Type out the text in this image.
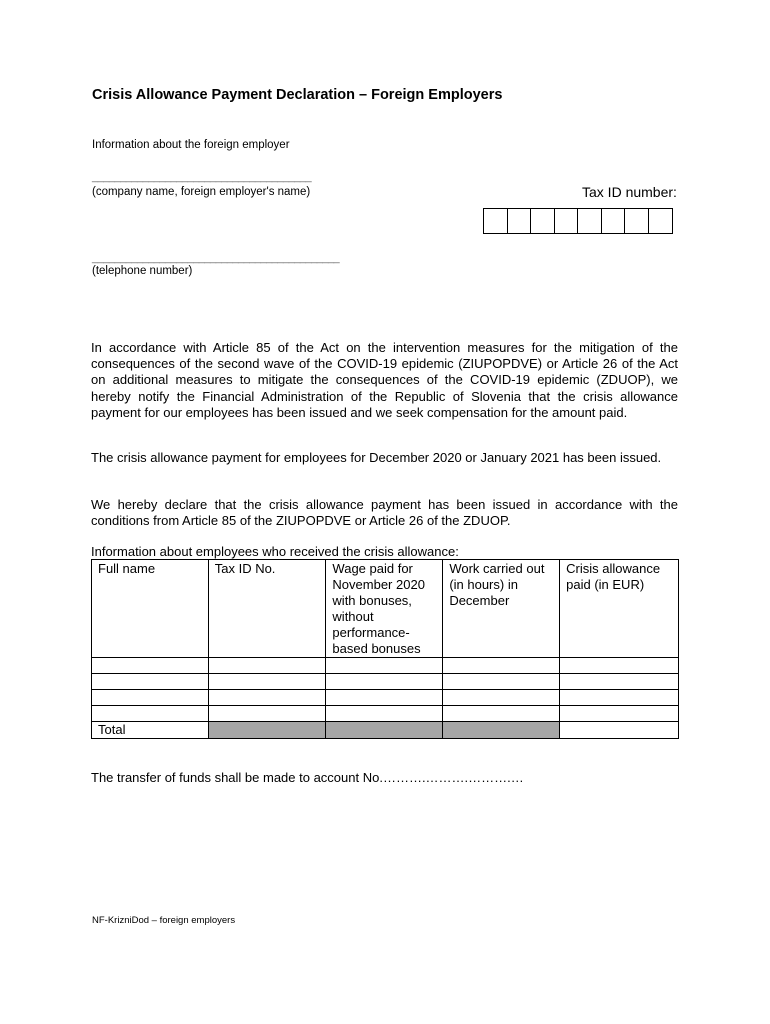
Crisis Allowance Payment Declaration – Foreign Employers
Information about the foreign employer
_______________________________________
(company name, foreign employer's name)	Tax ID number:
____________________________________________
(telephone number)

In accordance with Article 85 of the Act on the intervention measures for the mitigation of the consequences of the second wave of the COVID-19 epidemic (ZIUPOPDVE) or Article 26 of the Act on additional measures to mitigate the consequences of the COVID-19 epidemic (ZDUOP), we hereby notify the Financial Administration of the Republic of Slovenia that the crisis allowance payment for our employees has been issued and we seek compensation for the amount paid.

The crisis allowance payment for employees for December 2020 or January 2021 has been issued.

We hereby declare that the crisis allowance payment has been issued in accordance with the conditions from Article 85 of the ZIUPOPDVE or Article 26 of the ZDUOP.

Information about employees who received the crisis allowance:
Full name	Tax ID No.	Wage paid for November 2020 with bonuses, without performance-based bonuses	Work carried out (in hours) in December	Crisis allowance paid (in EUR)

Total				
The transfer of funds shall be made to account No.……….……….……….…
NF-KrizniDod – foreign employers
